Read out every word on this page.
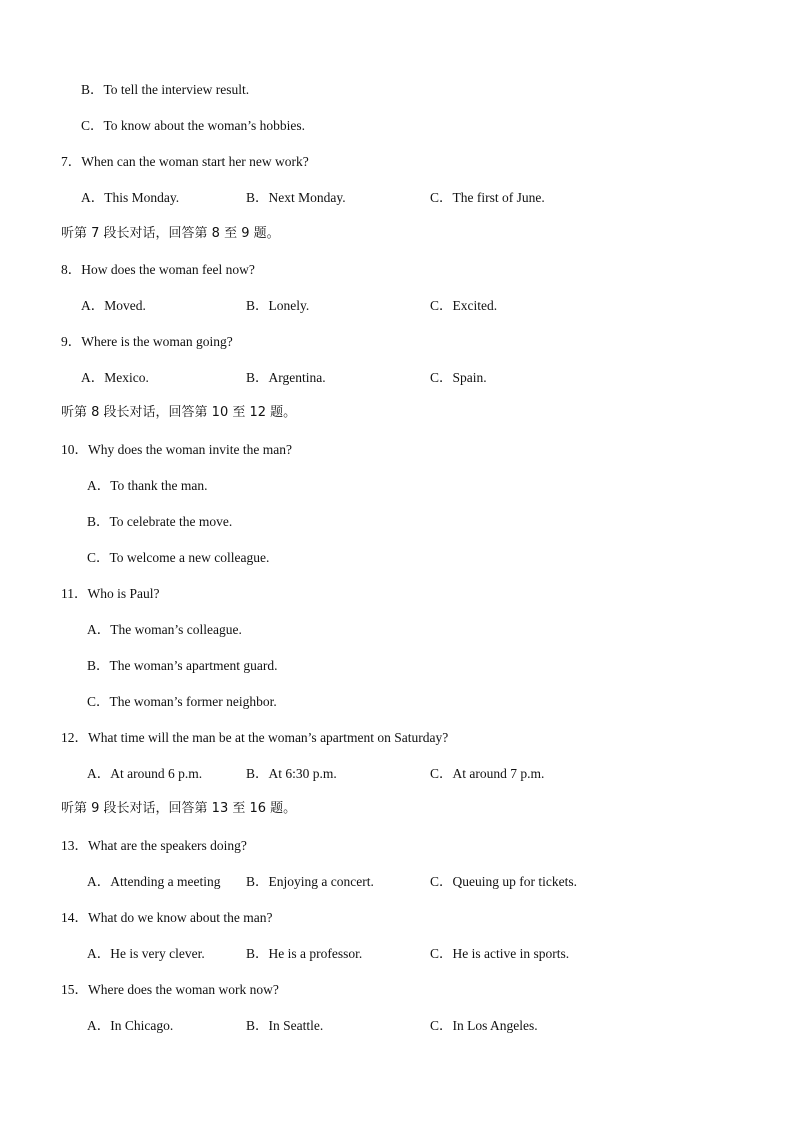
B．To tell the interview result.
C．To know about the woman’s hobbies.
7．When can the woman start her new work?
A．This Monday.	B．Next Monday.	C．The first of June.
听第 7 段长对话，回答第 8 至 9 题。
8．How does the woman feel now?
A．Moved.	B．Lonely.	C．Excited.
9．Where is the woman going?
A．Mexico.	B．Argentina.	C．Spain.
听第 8 段长对话，回答第 10 至 12 题。
10．Why does the woman invite the man?
A．To thank the man.
B．To celebrate the move.
C．To welcome a new colleague.
11．Who is Paul?
A．The woman’s colleague.
B．The woman’s apartment guard.
C．The woman’s former neighbor.
12．What time will the man be at the woman’s apartment on Saturday?
A．At around 6 p.m.	B．At 6:30 p.m.	C．At around 7 p.m.
听第 9 段长对话，回答第 13 至 16 题。
13．What are the speakers doing?
A．Attending a meeting B．Enjoying a concert.	C．Queuing up for tickets.
14．What do we know about the man?
A．He is very clever.	B．He is a professor.	C．He is active in sports.
15．Where does the woman work now?
A．In Chicago.	B．In Seattle.	C．In Los Angeles.
